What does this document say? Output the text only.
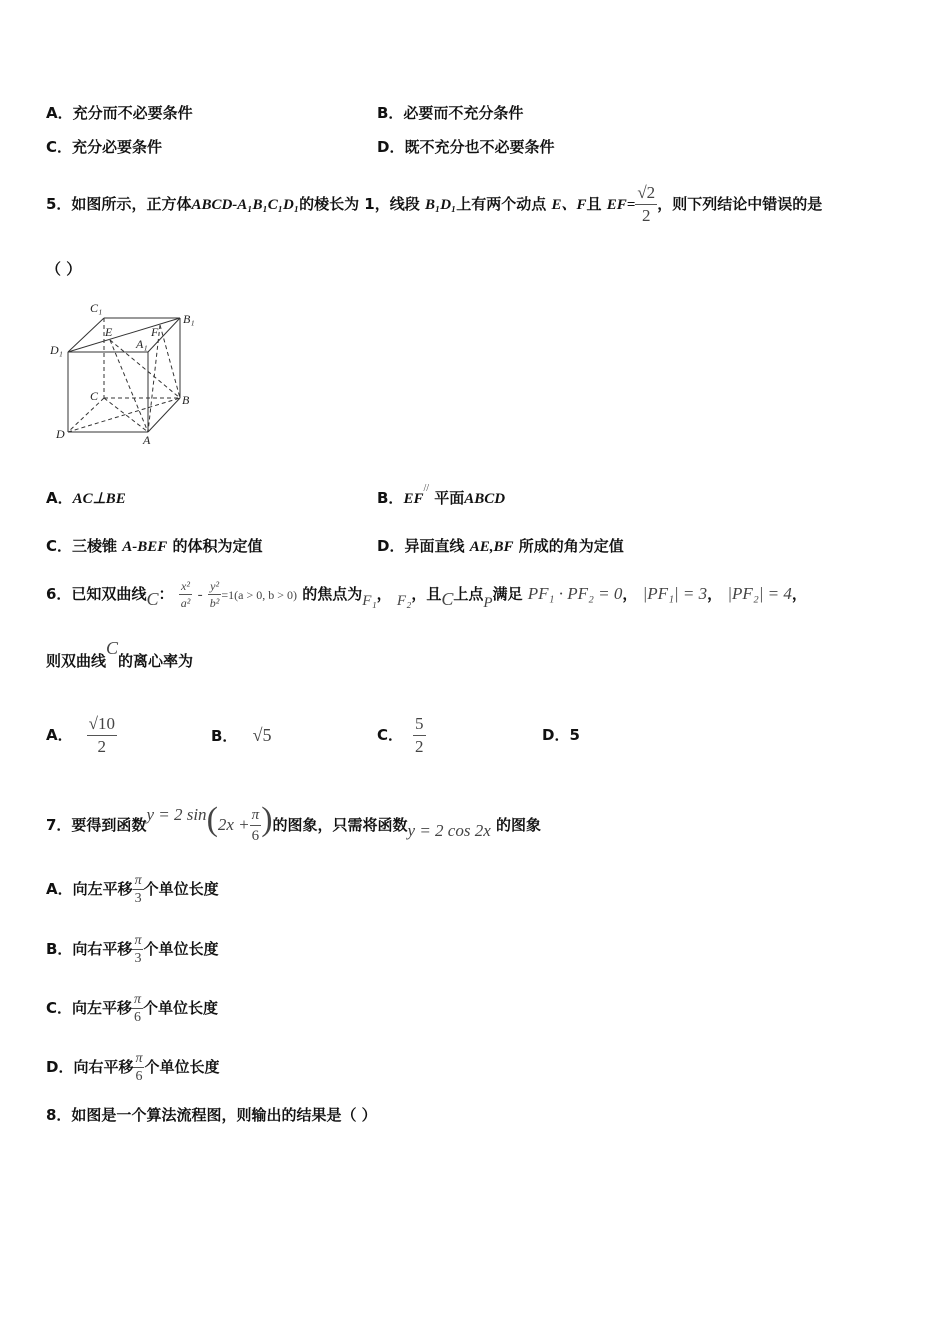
A．充分而不必要条件	B．必要而不充分条件
C．充分必要条件	D．既不充分也不必要条件
5．如图所示，正方体ABCD-A₁B₁C₁D₁的棱长为 1，线段 B₁D₁上有两个动点 E、F且 $EF= \frac{√2}{2}$ ，则下列结论中错误的是
（ ）
C₁
B₁
D₁	A₁
E	F
C	B
D	A
A．AC⊥BE	B．EF// 平面ABCD
C．三棱锥 A-BEF 的体积为定值	D．异面直线 AE,BF 所成的角为定值
6．已知双曲线C： $\frac{\text{x²}}{\text{a²}} - \frac{\text{y²}}{\text{b²}} =1(a > 0$, b > 0) 的焦点为F₁， F₂，且C上点P满足 PF₁ · PF₂ = 0， |PF₁| = 3， |PF₂| = 4，
则双曲线C的离心率为
A． $\frac{√10}{2}$	B． √5	C． $\frac{5}{2}$	D．5
7．要得到函数y = 2 $\sin(2x + \frac{\pi}{6}$ )的图象，只需将函数y = 2 cos 2x 的图象
A．向左平移 $\frac{\pi}{3}$ 个单位长度
B．向右平移 $\frac{\pi}{3}$ 个单位长度
C．向左平移 $\frac{\pi}{6}$ 个单位长度
D．向右平移 $\frac{\pi}{6}$ 个单位长度
8．如图是一个算法流程图，则输出的结果是（ ）
